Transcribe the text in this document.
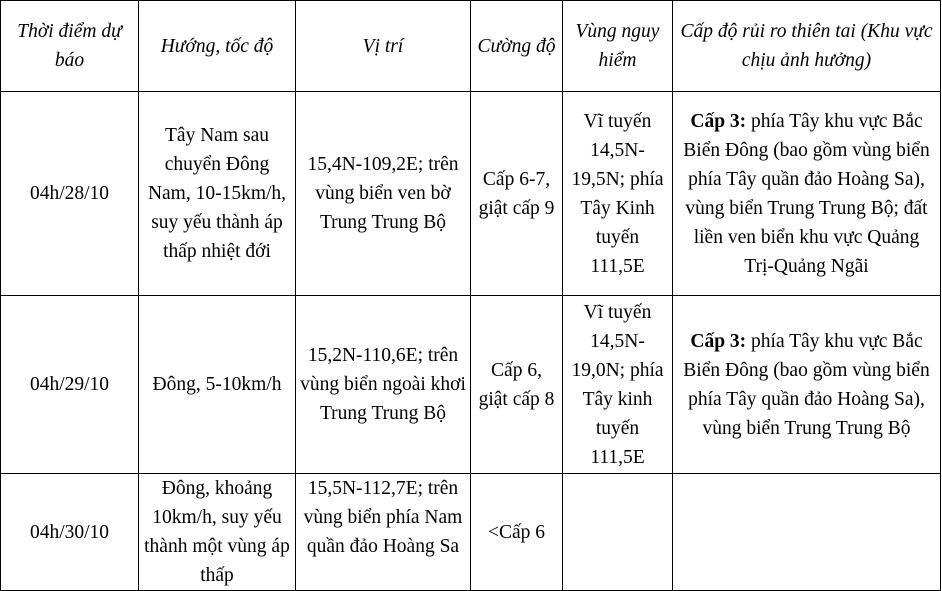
Thời điểm dự báo	Hướng, tốc độ	Vị trí	Cường độ	Vùng nguy hiểm	Cấp độ rủi ro thiên tai (Khu vực chịu ảnh hưởng)
04h/28/10	Tây Nam sau chuyển Đông Nam, 10-15km/h, suy yếu thành áp thấp nhiệt đới	15,4N-109,2E; trên vùng biển ven bờ Trung Trung Bộ	Cấp 6-7, giật cấp 9	Vĩ tuyến 14,5N-19,5N; phía Tây Kinh tuyến 111,5E	Cấp 3: phía Tây khu vực Bắc Biển Đông (bao gồm vùng biển phía Tây quần đảo Hoàng Sa), vùng biển Trung Trung Bộ; đất liền ven biển khu vực Quảng Trị-Quảng Ngãi
04h/29/10	Đông, 5-10km/h	15,2N-110,6E; trên vùng biển ngoài khơi Trung Trung Bộ	Cấp 6, giật cấp 8	Vĩ tuyến 14,5N-19,0N; phía Tây kinh tuyến 111,5E	Cấp 3: phía Tây khu vực Bắc Biển Đông (bao gồm vùng biển phía Tây quần đảo Hoàng Sa), vùng biển Trung Trung Bộ
04h/30/10	Đông, khoảng 10km/h, suy yếu thành một vùng áp thấp	15,5N-112,7E; trên vùng biển phía Nam quần đảo Hoàng Sa	<Cấp 6		
